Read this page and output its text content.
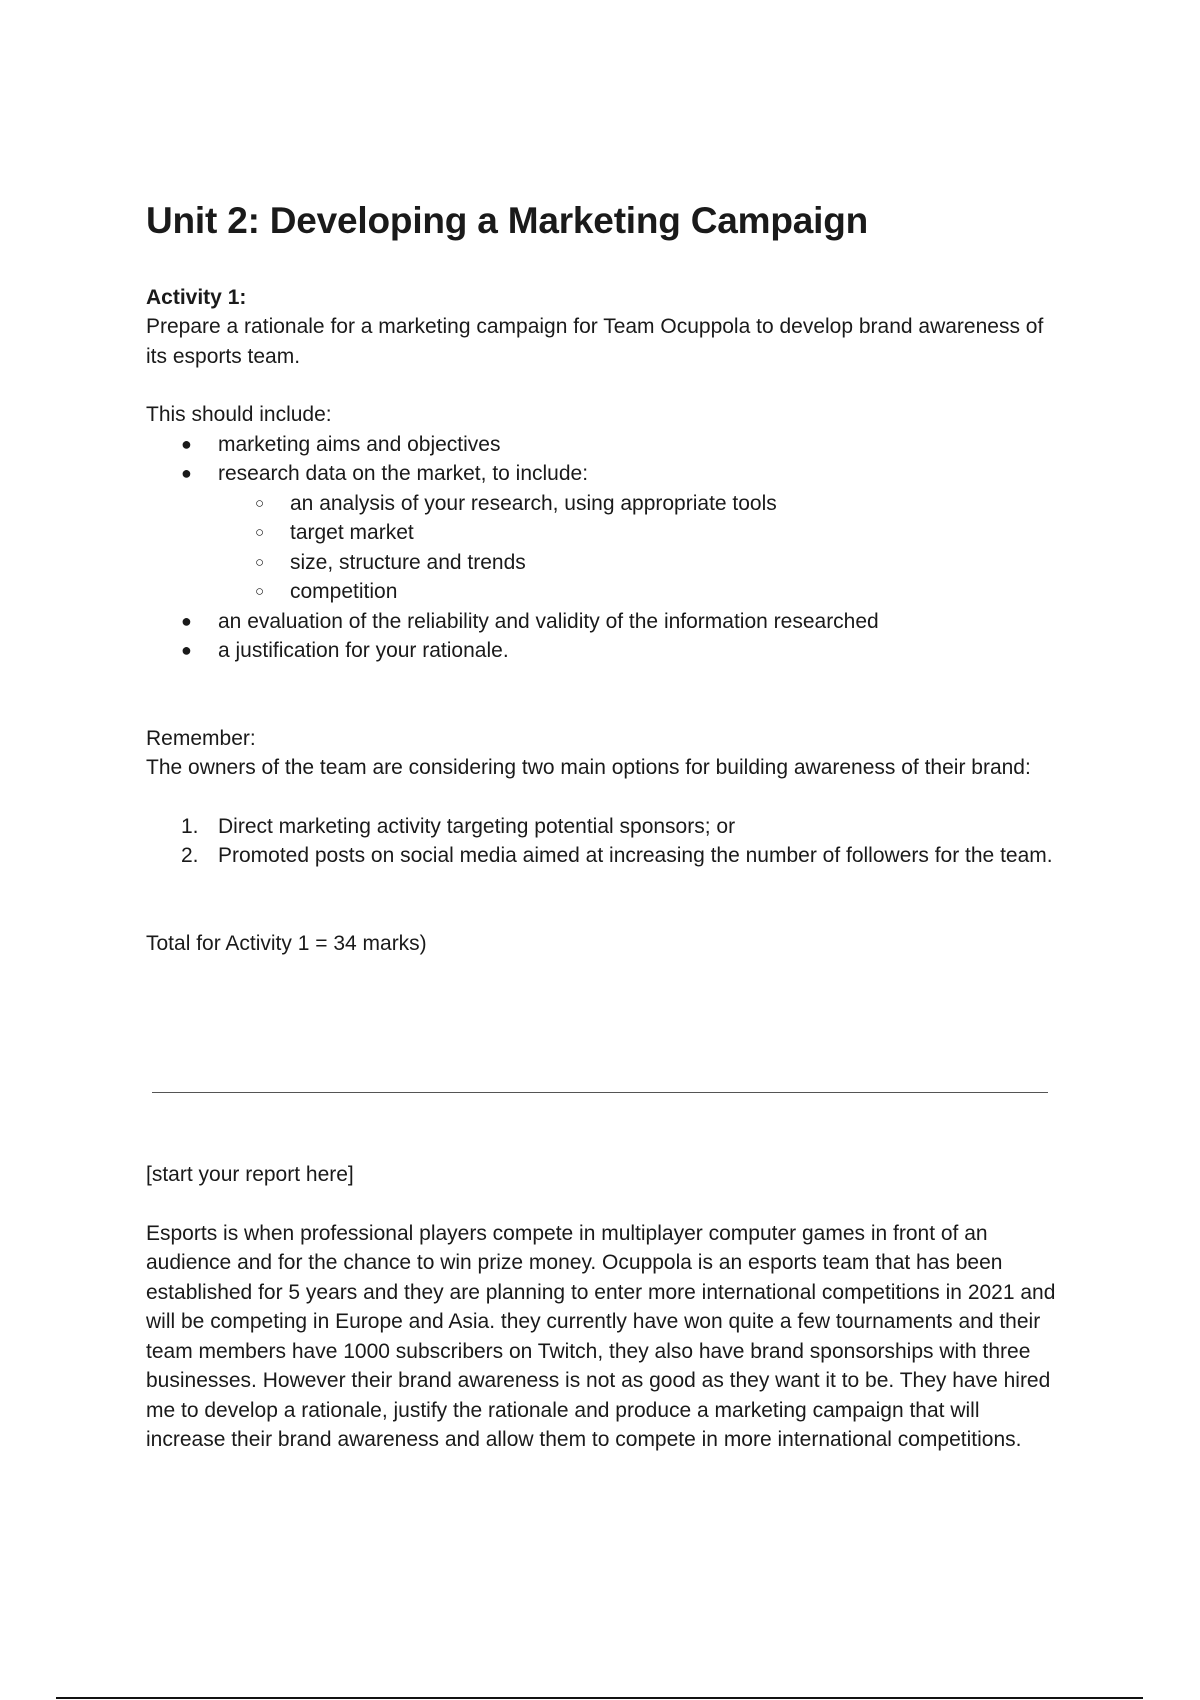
Unit 2: Developing a Marketing Campaign

Activity 1:

Prepare a rationale for a marketing campaign for Team Ocuppola to develop brand awareness of its esports team.

This should include:

● marketing aims and objectives
● research data on the market, to include:
○ an analysis of your research, using appropriate tools
○ target market
○ size, structure and trends
○ competition
● an evaluation of the reliability and validity of the information researched
● a justification for your rationale.

Remember:

The owners of the team are considering two main options for building awareness of their brand:

1. Direct marketing activity targeting potential sponsors; or
2. Promoted posts on social media aimed at increasing the number of followers for the team.

Total for Activity 1 = 34 marks)

[start your report here]

Esports is when professional players compete in multiplayer computer games in front of an audience and for the chance to win prize money. Ocuppola is an esports team that has been established for 5 years and they are planning to enter more international competitions in 2021 and will be competing in Europe and Asia. they currently have won quite a few tournaments and their team members have 1000 subscribers on Twitch, they also have brand sponsorships with three businesses. However their brand awareness is not as good as they want it to be. They have hired me to develop a rationale, justify the rationale and produce a marketing campaign that will increase their brand awareness and allow them to compete in more international competitions.
